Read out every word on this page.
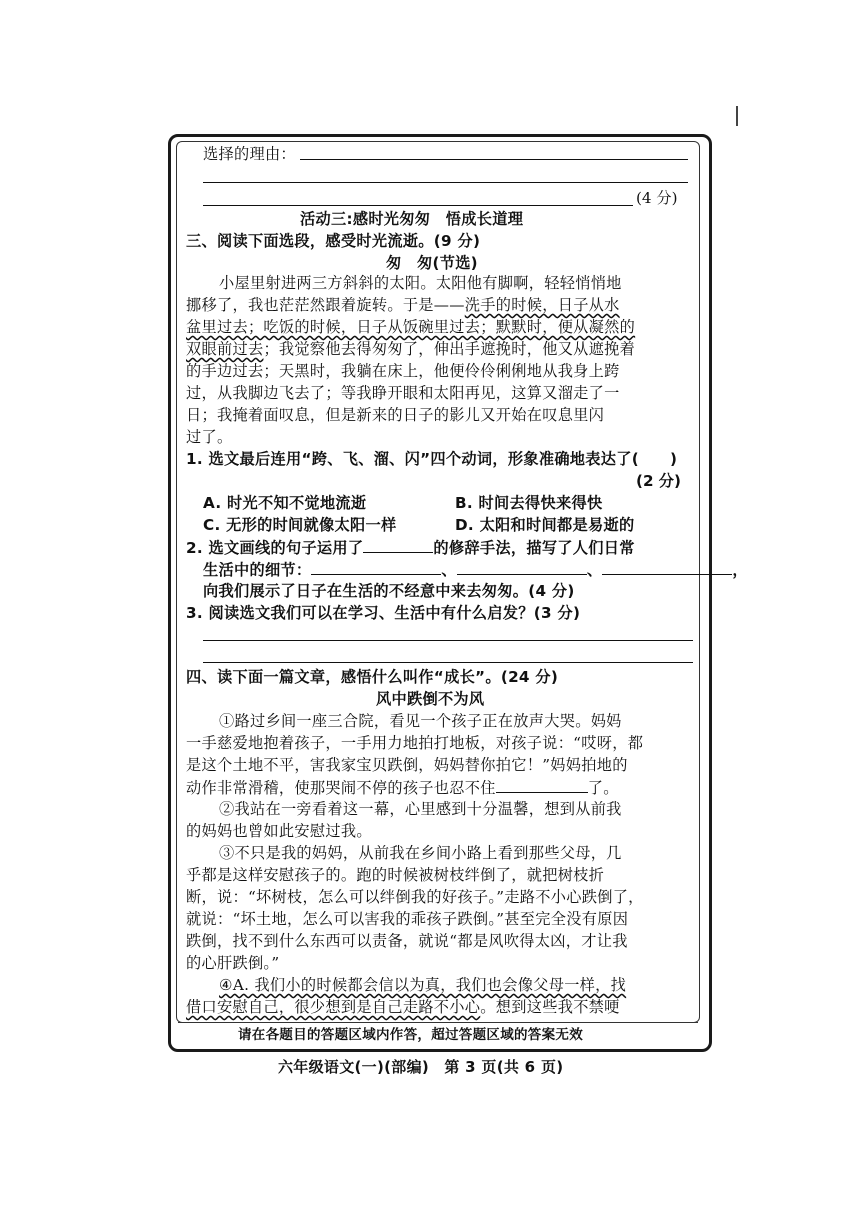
选择的理由：
(4 分)
活动三:感时光匆匆　悟成长道理
三、阅读下面选段，感受时光流逝。(9 分)
匆　匆(节选)
小屋里射进两三方斜斜的太阳。太阳他有脚啊，轻轻悄悄地
挪移了，我也茫茫然跟着旋转。于是——洗手的时候，日子从水
盆里过去；吃饭的时候，日子从饭碗里过去；默默时，便从凝然的
双眼前过去；我觉察他去得匆匆了，伸出手遮挽时，他又从遮挽着
的手边过去；天黑时，我躺在床上，他便伶伶俐俐地从我身上跨
过，从我脚边飞去了；等我睁开眼和太阳再见，这算又溜走了一
日；我掩着面叹息，但是新来的日子的影儿又开始在叹息里闪
过了。
1. 选文最后连用“跨、飞、溜、闪”四个动词，形象准确地表达了(　　)
(2 分)
A. 时光不知不觉地流逝	B. 时间去得快来得快
C. 无形的时间就像太阳一样	D. 太阳和时间都是易逝的
2. 选文画线的句子运用了	的修辞手法，描写了人们日常
生活中的细节：	、	、	，
向我们展示了日子在生活的不经意中来去匆匆。(4 分)
3. 阅读选文我们可以在学习、生活中有什么启发？(3 分)
四、读下面一篇文章，感悟什么叫作“成长”。(24 分)
风中跌倒不为风
①路过乡间一座三合院，看见一个孩子正在放声大哭。妈妈
一手慈爱地抱着孩子，一手用力地拍打地板，对孩子说：“哎呀，都
是这个土地不平，害我家宝贝跌倒，妈妈替你拍它！”妈妈拍地的
动作非常滑稽，使那哭闹不停的孩子也忍不住	了。
②我站在一旁看着这一幕，心里感到十分温馨，想到从前我
的妈妈也曾如此安慰过我。
③不只是我的妈妈，从前我在乡间小路上看到那些父母，几
乎都是这样安慰孩子的。跑的时候被树枝绊倒了，就把树枝折
断，说：“坏树枝，怎么可以绊倒我的好孩子。”走路不小心跌倒了，
就说：“坏土地，怎么可以害我的乖孩子跌倒。”甚至完全没有原因
跌倒，找不到什么东西可以责备，就说“都是风吹得太凶，才让我
的心肝跌倒。”
④A. 我们小的时候都会信以为真，我们也会像父母一样，找
借口安慰自己，很少想到是自己走路不小心。想到这些我不禁哽
请在各题目的答题区域内作答，超过答题区域的答案无效
六年级语文(一)(部编)　第 3 页(共 6 页)
